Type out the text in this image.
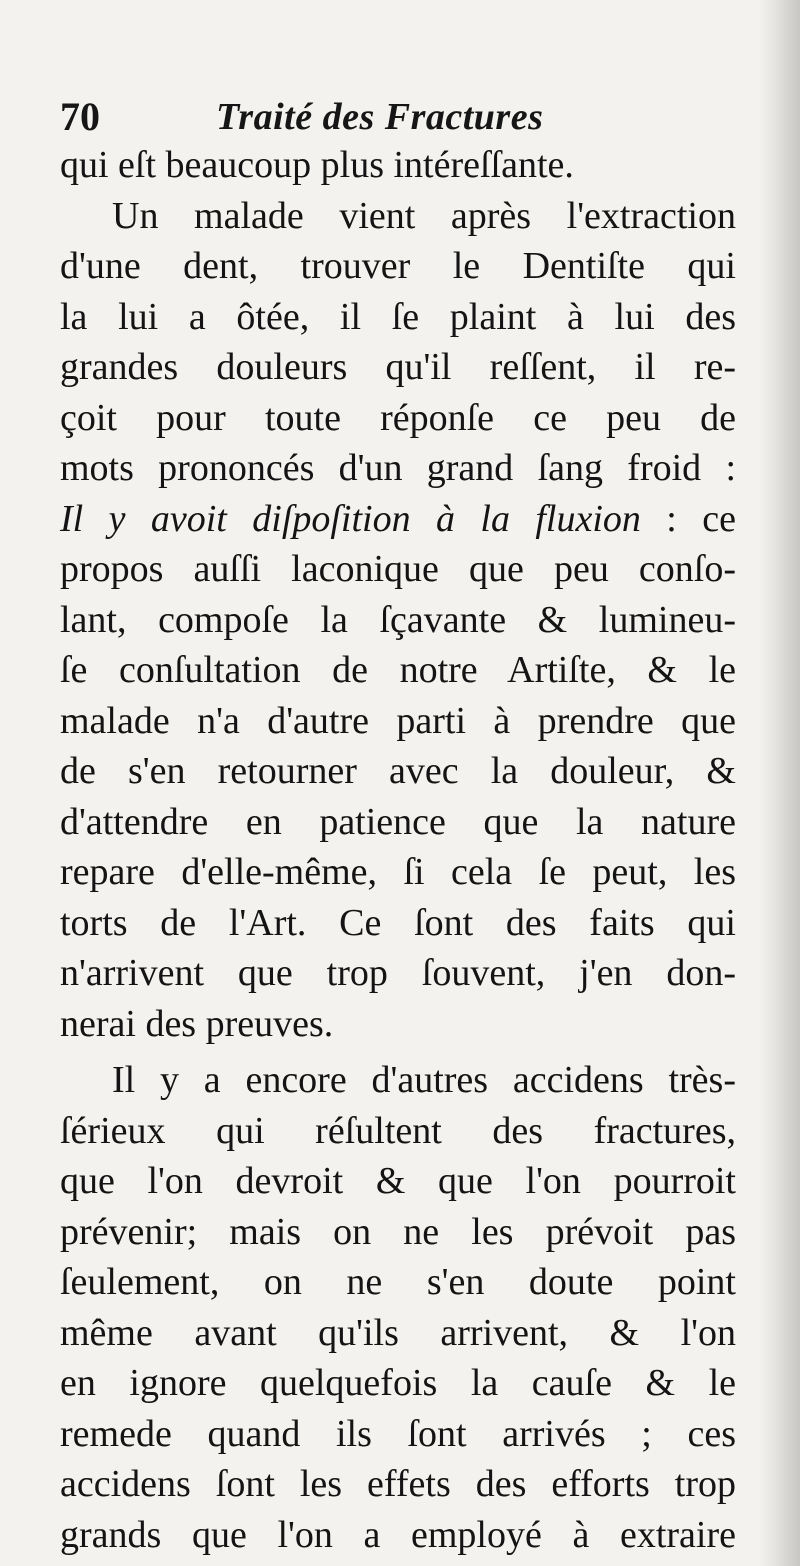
70	Traité des Fractures
qui eſt beaucoup plus intéreſſante.
Un malade vient après l'extraction
d'une dent, trouver le Dentiſte qui
la lui a ôtée, il ſe plaint à lui des
grandes douleurs qu'il reſſent, il re-
çoit pour toute réponſe ce peu de
mots prononcés d'un grand ſang froid :
Il y avoit diſpoſition à la fluxion : ce
propos auſſi laconique que peu conſo-
lant, compoſe la ſçavante & lumineu-
ſe conſultation de notre Artiſte, & le
malade n'a d'autre parti à prendre que
de s'en retourner avec la douleur, &
d'attendre en patience que la nature
repare d'elle-même, ſi cela ſe peut, les
torts de l'Art. Ce ſont des faits qui
n'arrivent que trop ſouvent, j'en don-
nerai des preuves.
Il y a encore d'autres accidens très-
ſérieux qui réſultent des fractures,
que l'on devroit & que l'on pourroit
prévenir; mais on ne les prévoit pas
ſeulement, on ne s'en doute point
même avant qu'ils arrivent, & l'on
en ignore quelquefois la cauſe & le
remede quand ils ſont arrivés ; ces
accidens ſont les effets des efforts trop
grands que l'on a employé à extraire
